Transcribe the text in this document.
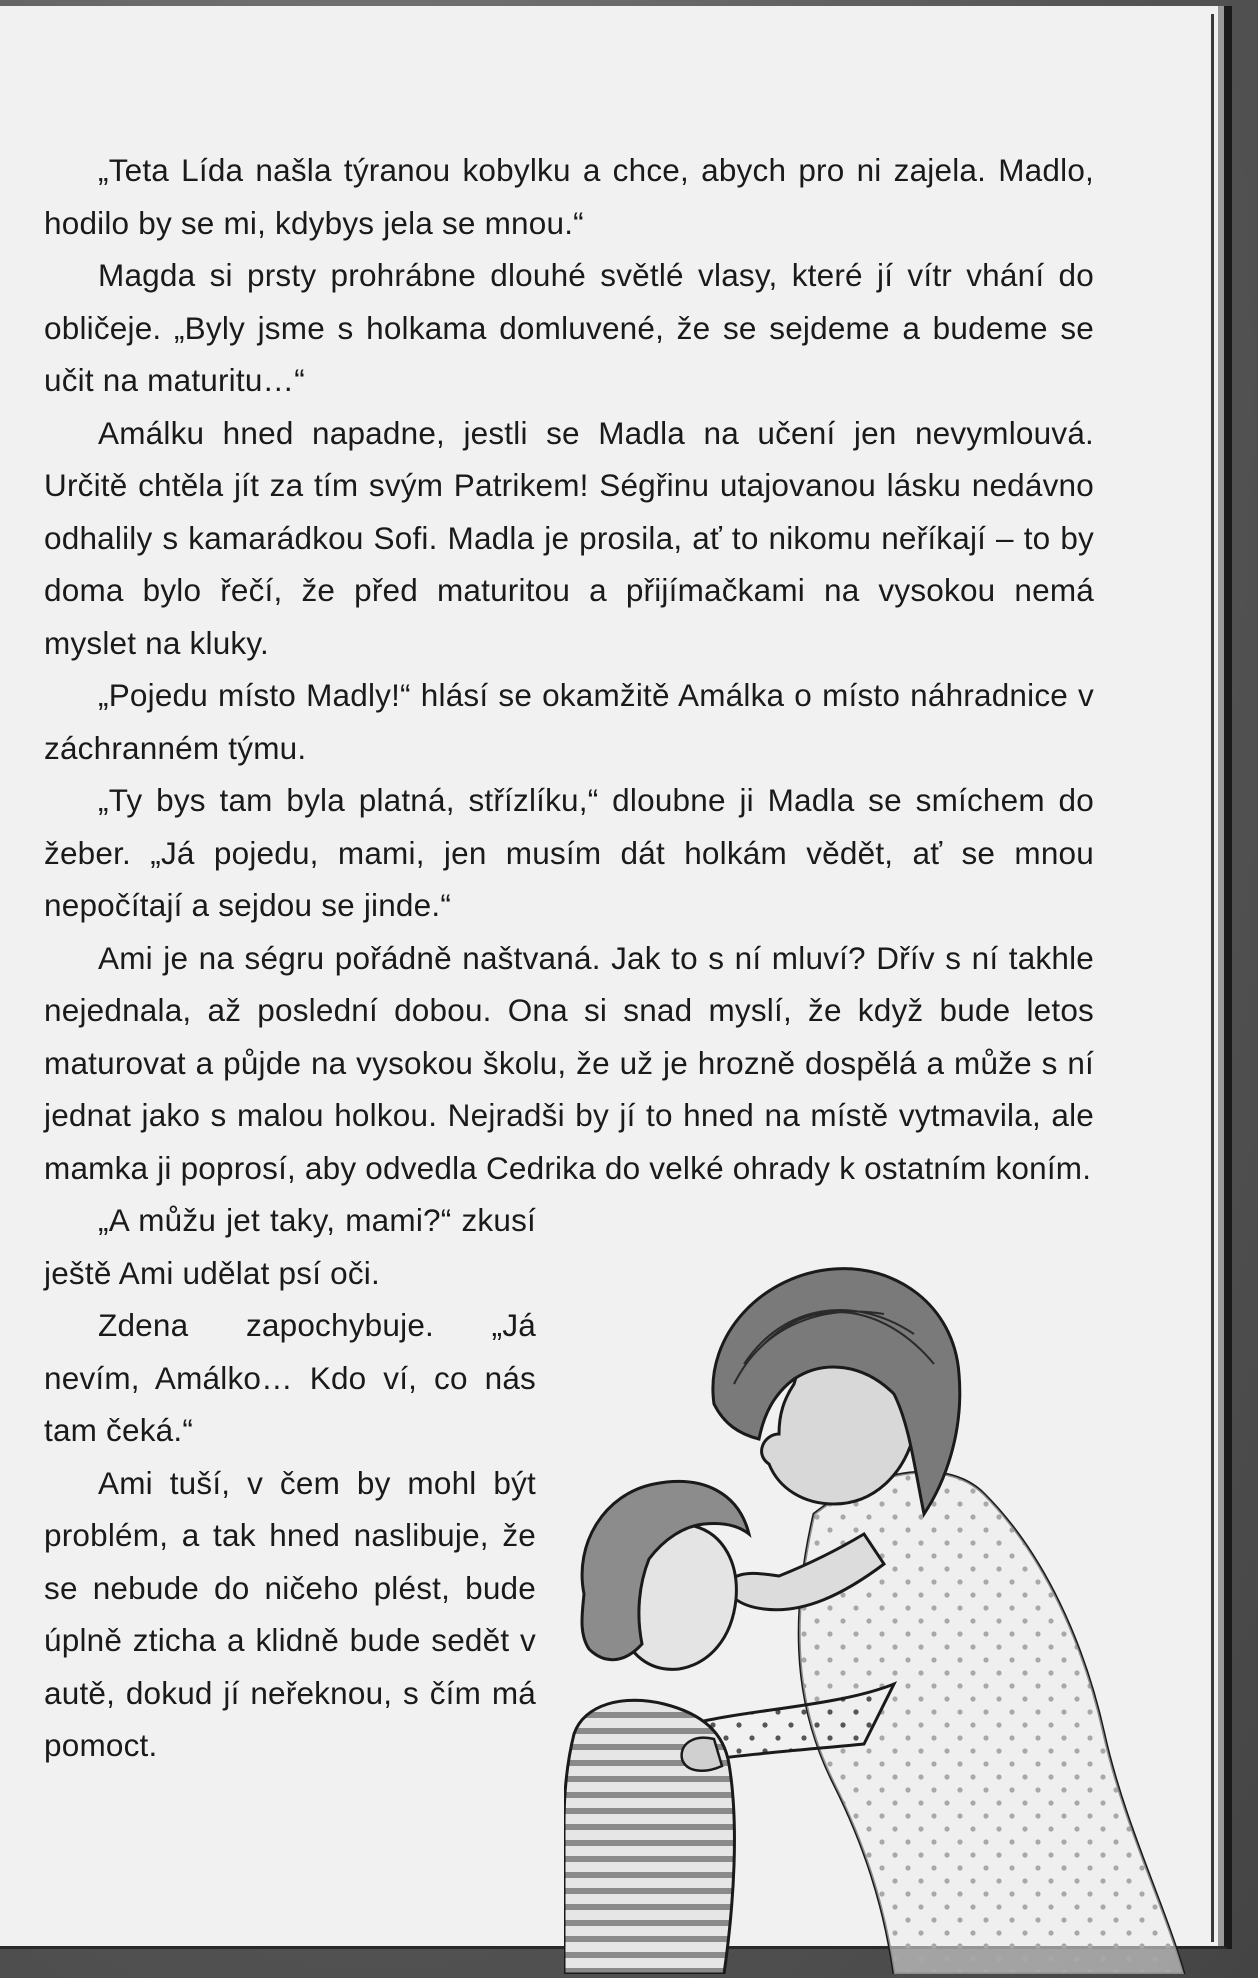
„Teta Lída našla týranou kobylku a chce, abych pro ni zajela. Madlo, hodilo by se mi, kdybys jela se mnou.“

Magda si prsty prohrábne dlouhé světlé vlasy, které jí vítr vhání do obličeje. „Byly jsme s holkama domluvené, že se sejdeme a budeme se učit na maturitu…“

Amálku hned napadne, jestli se Madla na učení jen nevymlouvá. Určitě chtěla jít za tím svým Patrikem! Ségřinu utajovanou lásku nedávno odhalily s kamarádkou Sofi. Madla je prosila, ať to nikomu neříkají – to by doma bylo řečí, že před maturitou a přijímačkami na vysokou nemá myslet na kluky.

„Pojedu místo Madly!“ hlásí se okamžitě Amálka o místo náhradnice v záchranném týmu.

„Ty bys tam byla platná, střízlíku,“ dloubne ji Madla se smíchem do žeber. „Já pojedu, mami, jen musím dát holkám vědět, ať se mnou nepočítají a sejdou se jinde.“

Ami je na ségru pořádně naštvaná. Jak to s ní mluví? Dřív s ní takhle nejednala, až poslední dobou. Ona si snad myslí, že když bude letos maturovat a půjde na vysokou školu, že už je hrozně dospělá a může s ní jednat jako s malou holkou. Nejradši by jí to hned na místě vytmavila, ale mamka ji poprosí, aby odvedla Cedrika do velké ohrady k ostatním koním.

„A můžu jet taky, mami?“ zkusí ještě Ami udělat psí oči.

Zdena zapochybuje. „Já nevím, Amálko… Kdo ví, co nás tam čeká.“

Ami tuší, v čem by mohl být problém, a tak hned naslibuje, že se nebude do ničeho plést, bude úplně zticha a klidně bude sedět v autě, dokud jí neřeknou, s čím má pomoct.
